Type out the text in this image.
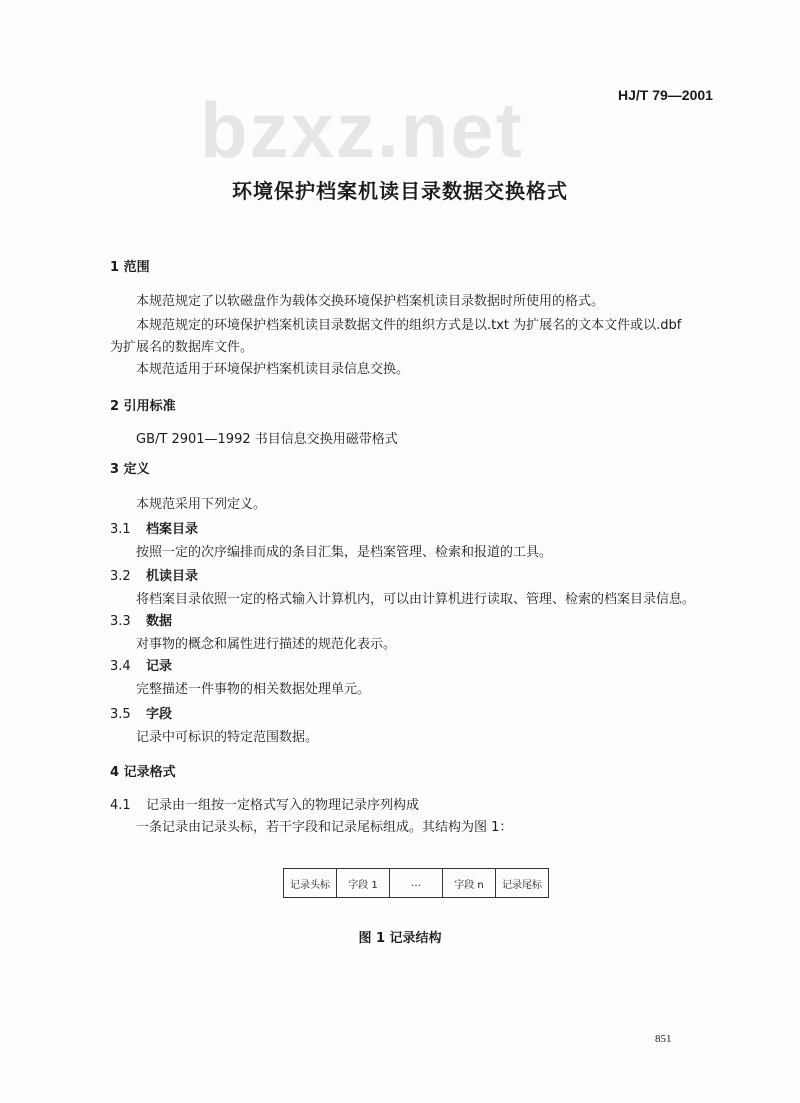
HJ/T 79—2001
bzxz.net
环境保护档案机读目录数据交换格式
1 范围
本规范规定了以软磁盘作为载体交换环境保护档案机读目录数据时所使用的格式。
本规范规定的环境保护档案机读目录数据文件的组织方式是以.txt 为扩展名的文本文件或以.dbf
为扩展名的数据库文件。
本规范适用于环境保护档案机读目录信息交换。
2 引用标准
GB/T 2901—1992 书目信息交换用磁带格式
3 定义
本规范采用下列定义。
3.1 档案目录
按照一定的次序编排而成的条目汇集，是档案管理、检索和报道的工具。
3.2 机读目录
将档案目录依照一定的格式输入计算机内，可以由计算机进行读取、管理、检索的档案目录信息。
3.3 数据
对事物的概念和属性进行描述的规范化表示。
3.4 记录
完整描述一件事物的相关数据处理单元。
3.5 字段
记录中可标识的特定范围数据。
4 记录格式
4.1 记录由一组按一定格式写入的物理记录序列构成
一条记录由记录头标，若干字段和记录尾标组成。其结构为图 1：
记录头标	字段 1	…	字段 n	记录尾标
图 1 记录结构
851
